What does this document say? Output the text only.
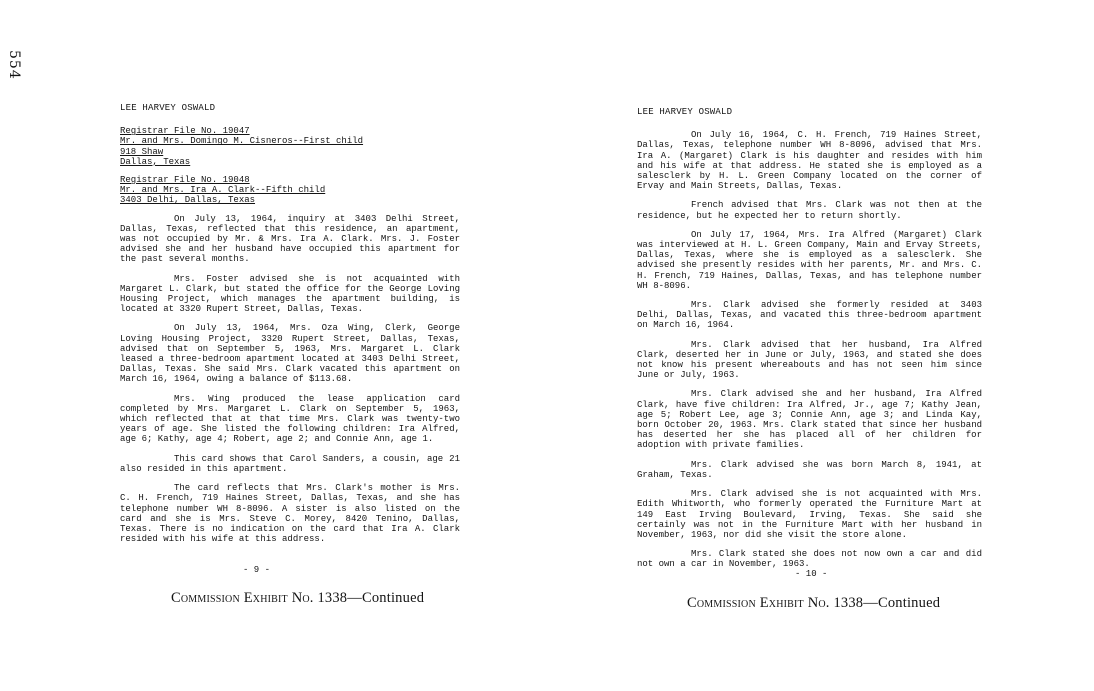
554
LEE HARVEY OSWALD
Registrar File No. 19047
Mr. and Mrs. Domingo M. Cisneros--First child
918 Shaw
Dallas, Texas
Registrar File No. 19048
Mr. and Mrs. Ira A. Clark--Fifth child
3403 Delhi, Dallas, Texas

On July 13, 1964, inquiry at 3403 Delhi Street, Dallas, Texas, reflected that this residence, an apartment, was not occupied by Mr. & Mrs. Ira A. Clark. Mrs. J. Foster advised she and her husband have occupied this apartment for the past several months.

Mrs. Foster advised she is not acquainted with Margaret L. Clark, but stated the office for the George Loving Housing Project, which manages the apartment building, is located at 3320 Rupert Street, Dallas, Texas.

On July 13, 1964, Mrs. Oza Wing, Clerk, George Loving Housing Project, 3320 Rupert Street, Dallas, Texas, advised that on September 5, 1963, Mrs. Margaret L. Clark leased a three-bedroom apartment located at 3403 Delhi Street, Dallas, Texas. She said Mrs. Clark vacated this apartment on March 16, 1964, owing a balance of $113.68.

Mrs. Wing produced the lease application card completed by Mrs. Margaret L. Clark on September 5, 1963, which reflected that at that time Mrs. Clark was twenty-two years of age. She listed the following children: Ira Alfred, age 6; Kathy, age 4; Robert, age 2; and Connie Ann, age 1.

This card shows that Carol Sanders, a cousin, age 21 also resided in this apartment.

The card reflects that Mrs. Clark's mother is Mrs. C. H. French, 719 Haines Street, Dallas, Texas, and she has telephone number WH 8-8096. A sister is also listed on the card and she is Mrs. Steve C. Morey, 8420 Tenino, Dallas, Texas. There is no indication on the card that Ira A. Clark resided with his wife at this address.

- 9 -
Commission Exhibit No. 1338—Continued
LEE HARVEY OSWALD

On July 16, 1964, C. H. French, 719 Haines Street, Dallas, Texas, telephone number WH 8-8096, advised that Mrs. Ira A. (Margaret) Clark is his daughter and resides with him and his wife at that address. He stated she is employed as a salesclerk by H. L. Green Company located on the corner of Ervay and Main Streets, Dallas, Texas.

French advised that Mrs. Clark was not then at the residence, but he expected her to return shortly.

On July 17, 1964, Mrs. Ira Alfred (Margaret) Clark was interviewed at H. L. Green Company, Main and Ervay Streets, Dallas, Texas, where she is employed as a salesclerk. She advised she presently resides with her parents, Mr. and Mrs. C. H. French, 719 Haines, Dallas, Texas, and has telephone number WH 8-8096.

Mrs. Clark advised she formerly resided at 3403 Delhi, Dallas, Texas, and vacated this three-bedroom apartment on March 16, 1964.

Mrs. Clark advised that her husband, Ira Alfred Clark, deserted her in June or July, 1963, and stated she does not know his present whereabouts and has not seen him since June or July, 1963.

Mrs. Clark advised she and her husband, Ira Alfred Clark, have five children: Ira Alfred, Jr., age 7; Kathy Jean, age 5; Robert Lee, age 3; Connie Ann, age 3; and Linda Kay, born October 20, 1963. Mrs. Clark stated that since her husband has deserted her she has placed all of her children for adoption with private families.

Mrs. Clark advised she was born March 8, 1941, at Graham, Texas.

Mrs. Clark advised she is not acquainted with Mrs. Edith Whitworth, who formerly operated the Furniture Mart at 149 East Irving Boulevard, Irving, Texas. She said she certainly was not in the Furniture Mart with her husband in November, 1963, nor did she visit the store alone.

Mrs. Clark stated she does not now own a car and did not own a car in November, 1963.

- 10 -
Commission Exhibit No. 1338—Continued
